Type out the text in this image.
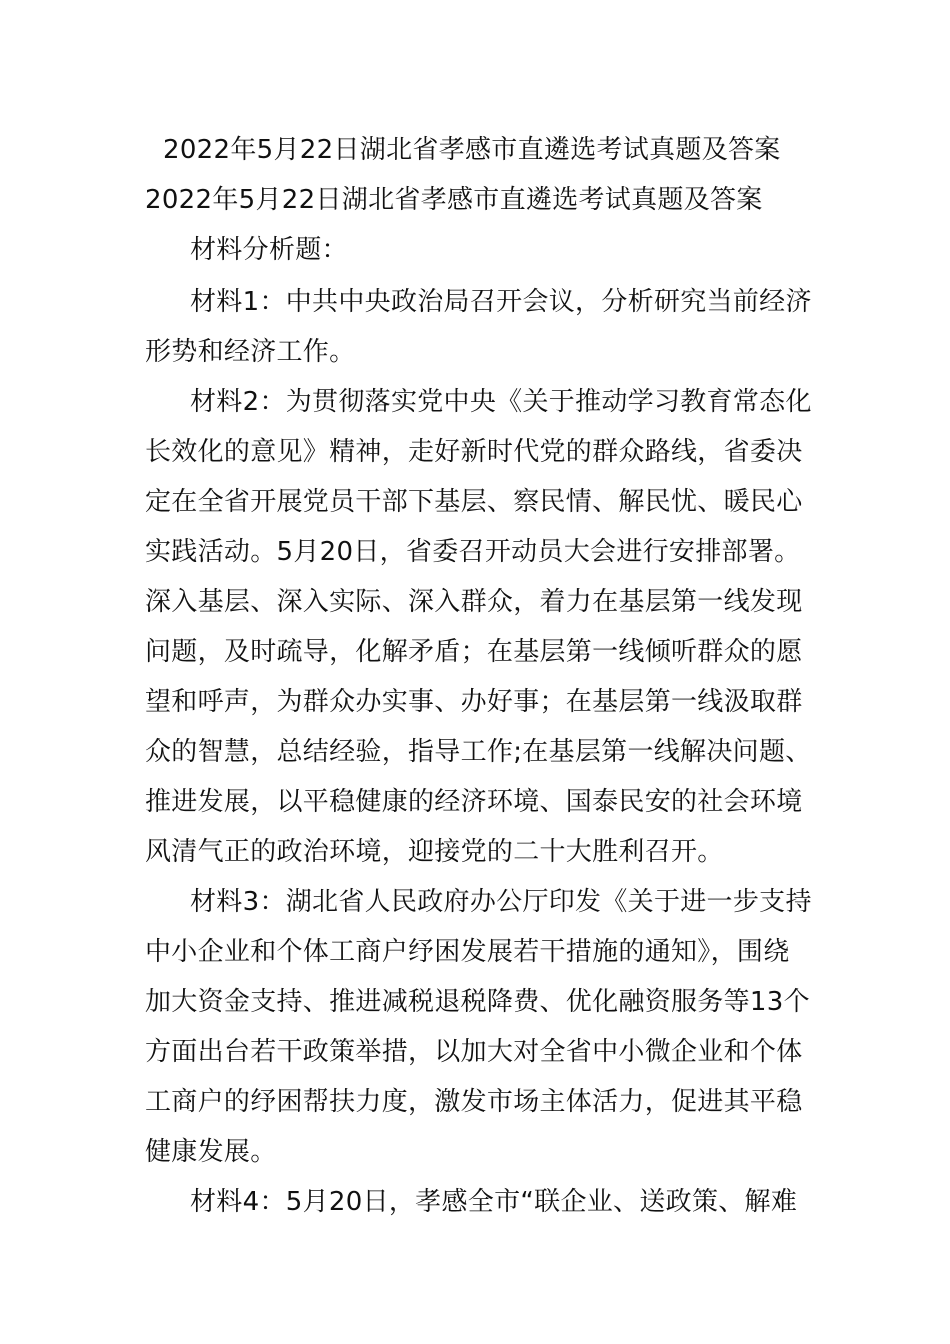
2022年5月22日湖北省孝感市直遴选考试真题及答案
2022年5月22日湖北省孝感市直遴选考试真题及答案
材料分析题：
材料1：中共中央政治局召开会议，分析研究当前经济
形势和经济工作。
材料2：为贯彻落实党中央《关于推动学习教育常态化
长效化的意见》精神，走好新时代党的群众路线，省委决
定在全省开展党员干部下基层、察民情、解民忧、暖民心
实践活动。5月20日，省委召开动员大会进行安排部署。
深入基层、深入实际、深入群众，着力在基层第一线发现
问题，及时疏导，化解矛盾；在基层第一线倾听群众的愿
望和呼声，为群众办实事、办好事；在基层第一线汲取群
众的智慧，总结经验，指导工作;在基层第一线解决问题、
推进发展，以平稳健康的经济环境、国泰民安的社会环境
风清气正的政治环境，迎接党的二十大胜利召开。
材料3：湖北省人民政府办公厅印发《关于进一步支持
中小企业和个体工商户纾困发展若干措施的通知》，围绕
加大资金支持、推进减税退税降费、优化融资服务等13个
方面出台若干政策举措，以加大对全省中小微企业和个体
工商户的纾困帮扶力度，激发市场主体活力，促进其平稳
健康发展。
材料4：5月20日，孝感全市“联企业、送政策、解难
